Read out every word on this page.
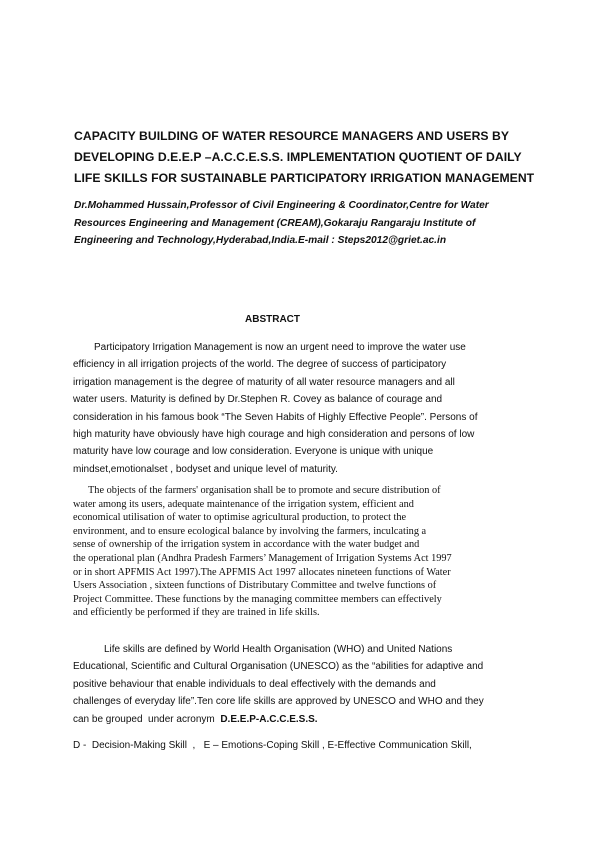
CAPACITY BUILDING OF WATER RESOURCE MANAGERS AND USERS BY
DEVELOPING D.E.E.P –A.C.C.E.S.S. IMPLEMENTATION QUOTIENT OF DAILY
LIFE SKILLS FOR SUSTAINABLE PARTICIPATORY IRRIGATION MANAGEMENT
Dr.Mohammed Hussain,Professor of Civil Engineering & Coordinator,Centre for Water
Resources Engineering and Management (CREAM),Gokaraju Rangaraju Institute of
Engineering and Technology,Hyderabad,India.E-mail : Steps2012@griet.ac.in
ABSTRACT
Participatory Irrigation Management is now an urgent need to improve the water use
efficiency in all irrigation projects of the world. The degree of success of participatory
irrigation management is the degree of maturity of all water resource managers and all
water users. Maturity is defined by Dr.Stephen R. Covey as balance of courage and
consideration in his famous book “The Seven Habits of Highly Effective People”. Persons of
high maturity have obviously have high courage and high consideration and persons of low
maturity have low courage and low consideration. Everyone is unique with unique
mindset,emotionalset , bodyset and unique level of maturity.
The objects of the farmers' organisation shall be to promote and secure distribution of
water among its users, adequate maintenance of the irrigation system, efficient and
economical utilisation of water to optimise agricultural production, to protect the
environment, and to ensure ecological balance by involving the farmers, inculcating a
sense of ownership of the irrigation system in accordance with the water budget and
the operational plan (Andhra Pradesh Farmers’ Management of Irrigation Systems Act 1997
or in short APFMIS Act 1997).The APFMIS Act 1997 allocates nineteen functions of Water
Users Association , sixteen functions of Distributary Committee and twelve functions of
Project Committee. These functions by the managing committee members can effectively
and efficiently be performed if they are trained in life skills.
Life skills are defined by World Health Organisation (WHO) and United Nations
Educational, Scientific and Cultural Organisation (UNESCO) as the “abilities for adaptive and
positive behaviour that enable individuals to deal effectively with the demands and
challenges of everyday life”.Ten core life skills are approved by UNESCO and WHO and they
can be grouped  under acronym  D.E.E.P-A.C.C.E.S.S.
D -  Decision-Making Skill  ,   E – Emotions-Coping Skill , E-Effective Communication Skill,
